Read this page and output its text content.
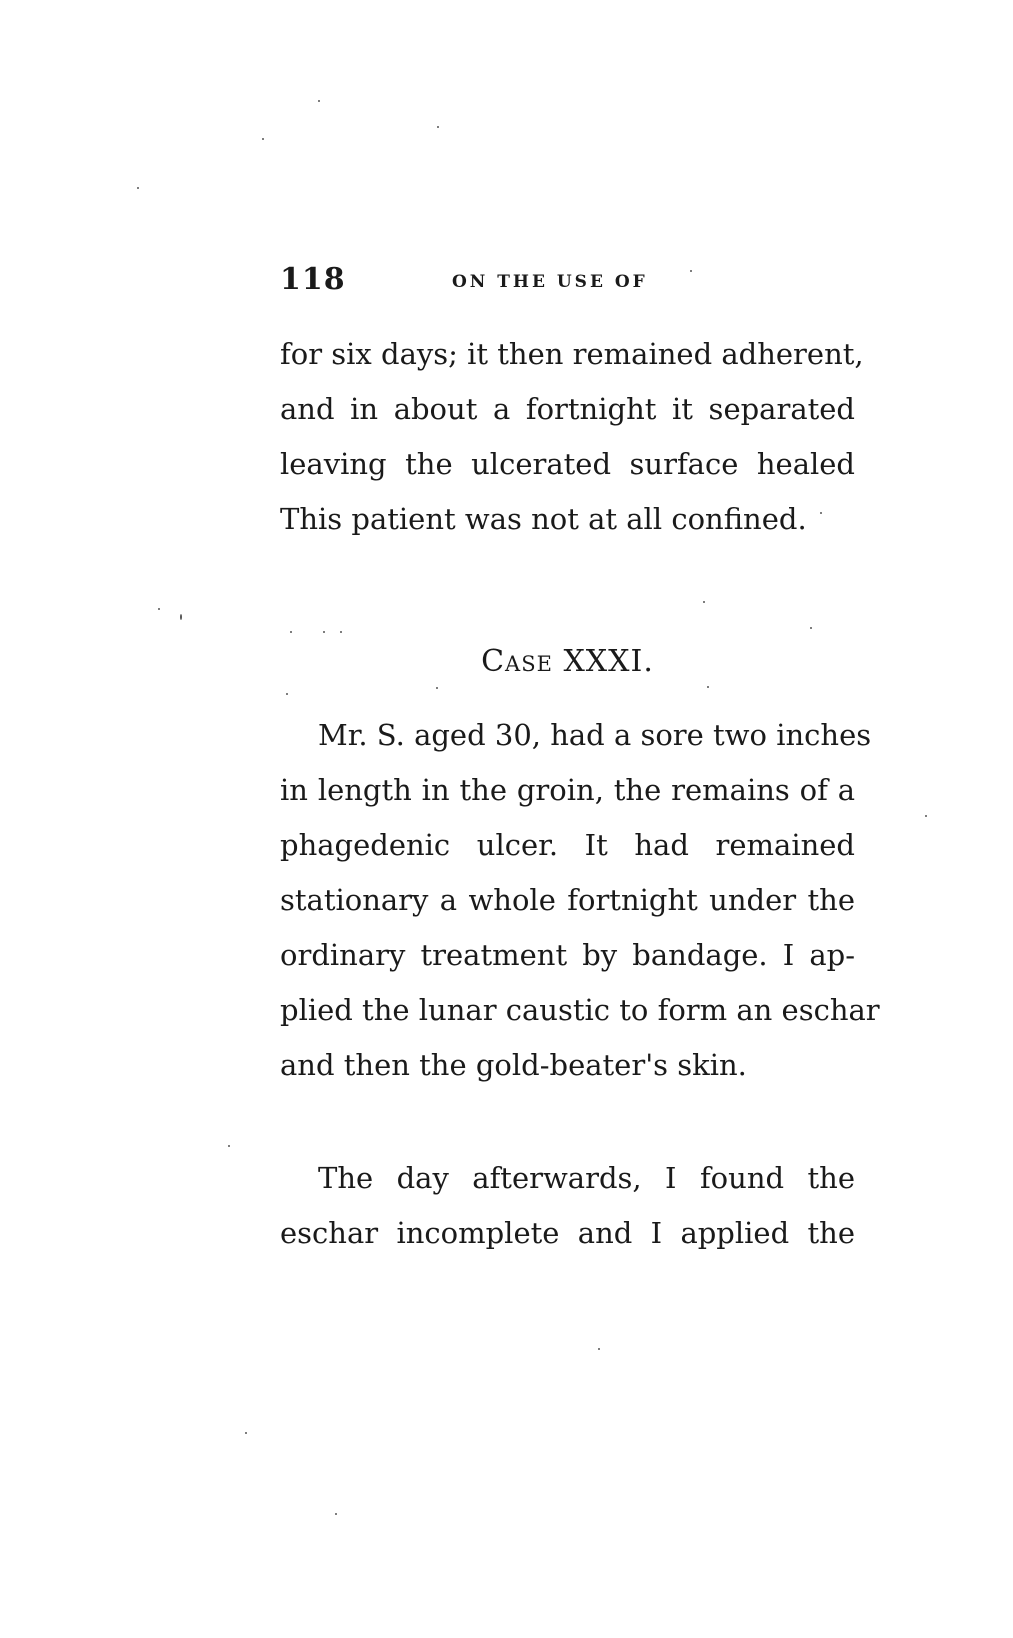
118	ON THE USE OF
for six days; it then remained adherent,
and in about a fortnight it separated
leaving the ulcerated surface healed
This patient was not at all confined.
Case XXXI.
Mr. S. aged 30, had a sore two inches
in length in the groin, the remains of a
phagedenic ulcer. It had remained
stationary a whole fortnight under the
ordinary treatment by bandage. I ap-
plied the lunar caustic to form an eschar
and then the gold-beater's skin.
The day afterwards, I found the
eschar incomplete and I applied the
